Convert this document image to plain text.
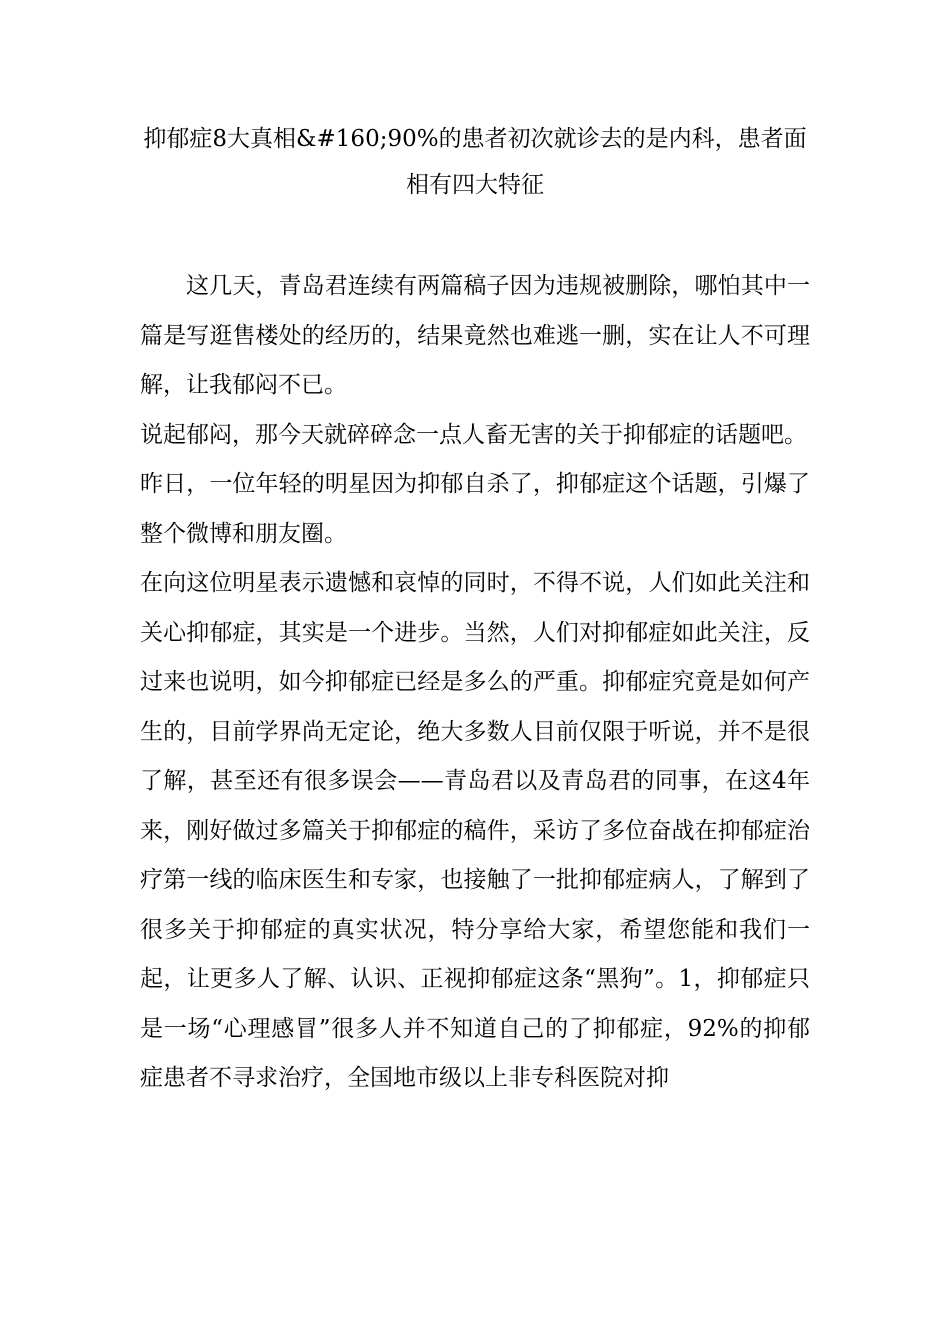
抑郁症8大真相&#160;90%的患者初次就诊去的是内科，患者面相有四大特征

这几天，青岛君连续有两篇稿子因为违规被删除，哪怕其中一篇是写逛售楼处的经历的，结果竟然也难逃一删，实在让人不可理解，让我郁闷不已。

说起郁闷，那今天就碎碎念一点人畜无害的关于抑郁症的话题吧。

昨日，一位年轻的明星因为抑郁自杀了，抑郁症这个话题，引爆了整个微博和朋友圈。

在向这位明星表示遗憾和哀悼的同时，不得不说，人们如此关注和关心抑郁症，其实是一个进步。当然，人们对抑郁症如此关注，反过来也说明，如今抑郁症已经是多么的严重。抑郁症究竟是如何产生的，目前学界尚无定论，绝大多数人目前仅限于听说，并不是很了解，甚至还有很多误会——青岛君以及青岛君的同事，在这4年来，刚好做过多篇关于抑郁症的稿件，采访了多位奋战在抑郁症治疗第一线的临床医生和专家，也接触了一批抑郁症病人，了解到了很多关于抑郁症的真实状况，特分享给大家，希望您能和我们一起，让更多人了解、认识、正视抑郁症这条“黑狗”。1，抑郁症只是一场“心理感冒”很多人并不知道自己的了抑郁症，92%的抑郁症患者不寻求治疗，全国地市级以上非专科医院对抑
